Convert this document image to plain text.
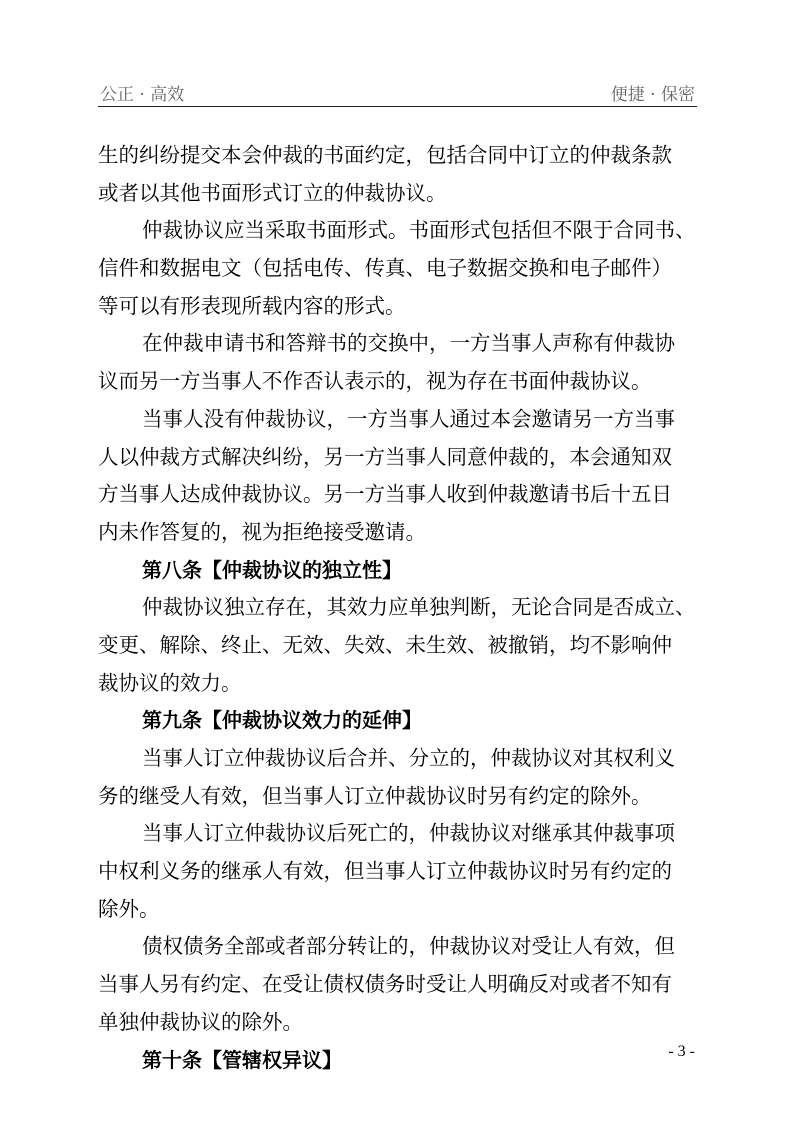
公正 · 高效	便捷 · 保密
生的纠纷提交本会仲裁的书面约定，包括合同中订立的仲裁条款
或者以其他书面形式订立的仲裁协议。
仲裁协议应当采取书面形式。书面形式包括但不限于合同书、
信件和数据电文（包括电传、传真、电子数据交换和电子邮件）
等可以有形表现所载内容的形式。
在仲裁申请书和答辩书的交换中，一方当事人声称有仲裁协
议而另一方当事人不作否认表示的，视为存在书面仲裁协议。
当事人没有仲裁协议，一方当事人通过本会邀请另一方当事
人以仲裁方式解决纠纷，另一方当事人同意仲裁的，本会通知双
方当事人达成仲裁协议。另一方当事人收到仲裁邀请书后十五日
内未作答复的，视为拒绝接受邀请。
第八条【仲裁协议的独立性】
仲裁协议独立存在，其效力应单独判断，无论合同是否成立、
变更、解除、终止、无效、失效、未生效、被撤销，均不影响仲
裁协议的效力。
第九条【仲裁协议效力的延伸】
当事人订立仲裁协议后合并、分立的，仲裁协议对其权利义
务的继受人有效，但当事人订立仲裁协议时另有约定的除外。
当事人订立仲裁协议后死亡的，仲裁协议对继承其仲裁事项
中权利义务的继承人有效，但当事人订立仲裁协议时另有约定的
除外。
债权债务全部或者部分转让的，仲裁协议对受让人有效，但
当事人另有约定、在受让债权债务时受让人明确反对或者不知有
单独仲裁协议的除外。
第十条【管辖权异议】	- 3 -
